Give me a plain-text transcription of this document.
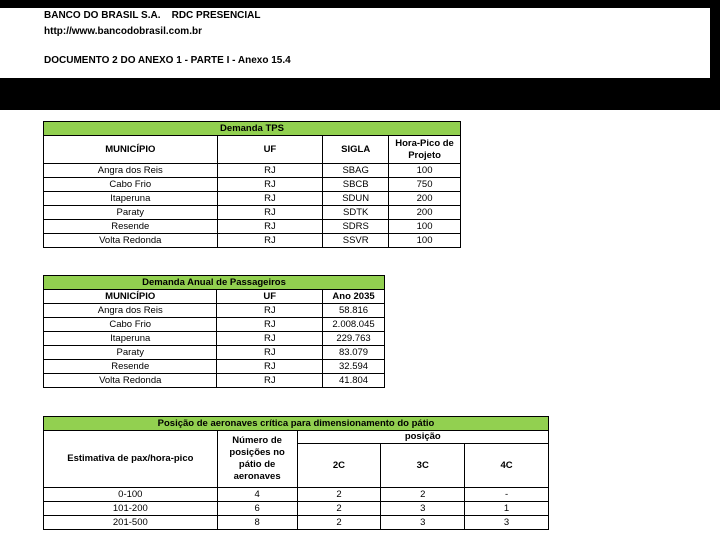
BANCO DO BRASIL S.A.    RDC PRESENCIAL
http://www.bancodobrasil.com.br
DOCUMENTO 2 DO ANEXO 1 - PARTE I - Anexo 15.4
Demanda TPS			
MUNICÍPIO	UF	SIGLA	Hora-Pico de Projeto
Angra dos Reis	RJ	SBAG	100
Cabo Frio	RJ	SBCB	750
Itaperuna	RJ	SDUN	200
Paraty	RJ	SDTK	200
Resende	RJ	SDRS	100
Volta Redonda	RJ	SSVR	100
Demanda Anual de Passageiros		
MUNICÍPIO	UF	Ano 2035
Angra dos Reis	RJ	58.816
Cabo Frio	RJ	2.008.045
Itaperuna	RJ	229.763
Paraty	RJ	83.079
Resende	RJ	32.594
Volta Redonda	RJ	41.804
Posição de aeronaves crítica para dimensionamento do pátio				
Estimativa de pax/hora-pico	Número de posições no pátio de aeronaves	posição		
		2C	3C	4C
0-100	4	2	2	-
101-200	6	2	3	1
201-500	8	2	3	3
